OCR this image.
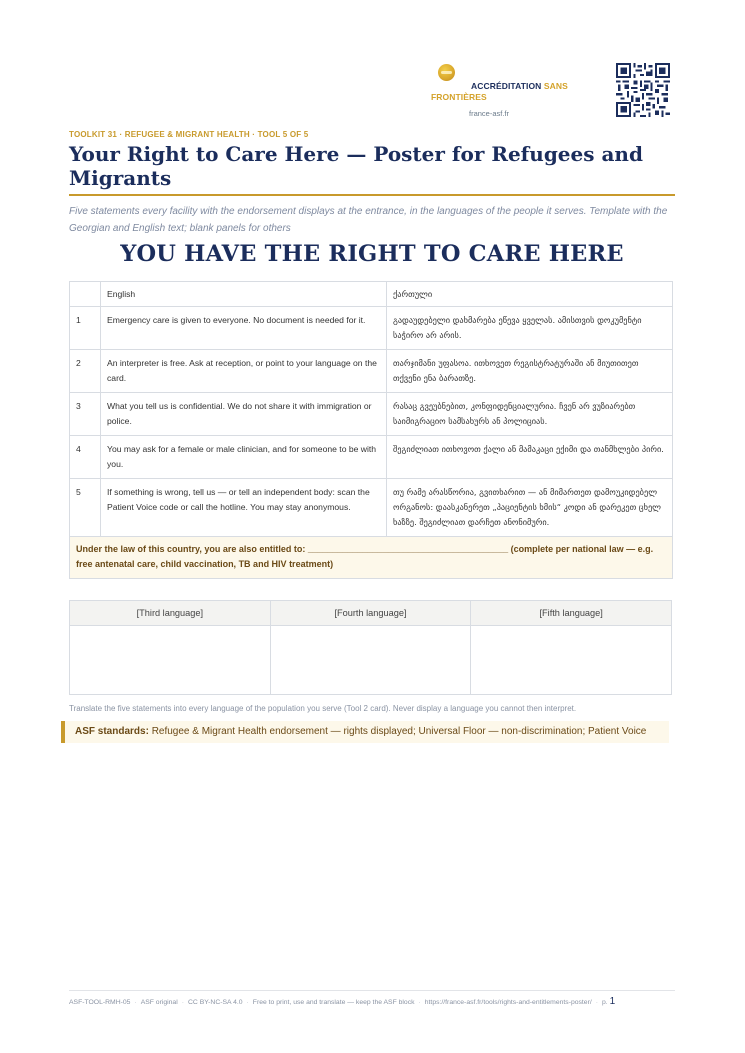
ACCRÉDITATION SANS
FRONTIÈRES
france-asf.fr
TOOLKIT 31 · REFUGEE & MIGRANT HEALTH · TOOL 5 OF 5
Your Right to Care Here — Poster for Refugees and Migrants
Five statements every facility with the endorsement displays at the entrance, in the languages of the people it serves. Template with the Georgian and English text; blank panels for others
YOU HAVE THE RIGHT TO CARE HERE
	English	ქართული
1	Emergency care is given to everyone. No document is needed for it.	გადაუდებელი დახმარება ეწევა ყველას. ამისთვის დოკუმენტი საჭირო არ არის.
2	An interpreter is free. Ask at reception, or point to your language on the card.	თარჯიმანი უფასოა. ითხოვეთ რეგისტრატურაში ან მიუთითეთ თქვენი ენა ბარათზე.
3	What you tell us is confidential. We do not share it with immigration or police.	რასაც გვეუბნებით, კონფიდენციალურია. ჩვენ არ ვუზიარებთ საიმიგრაციო სამსახურს ან პოლიციას.
4	You may ask for a female or male clinician, and for someone to be with you.	შეგიძლიათ ითხოვოთ ქალი ან მამაკაცი ექიმი და თანმხლები პირი.
5	If something is wrong, tell us — or tell an independent body: scan the Patient Voice code or call the hotline. You may stay anonymous.	თუ რამე არასწორია, გვითხარით — ან მიმართეთ დამოუკიდებელ ორგანოს: დაასკანერეთ „პაციენტის ხმის“ კოდი ან დარეკეთ ცხელ ხაზზე. შეგიძლიათ დარჩეთ ანონიმური.
Under the law of this country, you are also entitled to: ________________________________________ (complete per national law — e.g. free antenatal care, child vaccination, TB and HIV treatment)		
[Third language]	[Fourth language]	[Fifth language]

Translate the five statements into every language of the population you serve (Tool 2 card). Never display a language you cannot then interpret.
ASF standards: Refugee & Migrant Health endorsement — rights displayed; Universal Floor — non-discrimination; Patient Voice
ASF-TOOL-RMH-05 · ASF original · CC BY-NC-SA 4.0 · Free to print, use and translate — keep the ASF block · https://france-asf.fr/tools/rights-and-entitlements-poster/ · p. 1
